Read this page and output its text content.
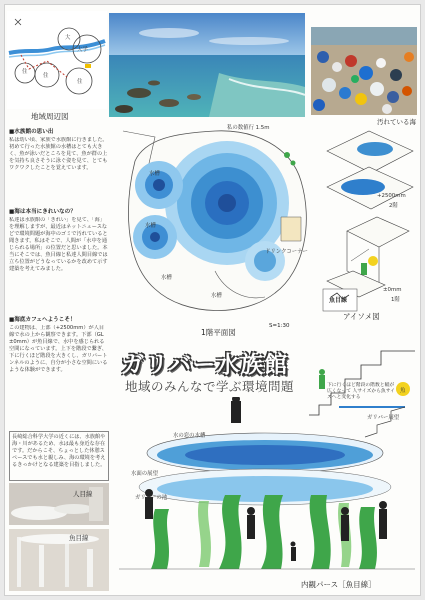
大学
住
住
大
住
地域周辺図
汚れている海
■水族館の思い出
私は幼い頃、家族で水族館に行きました。初めて行った水族館の水槽はとても大きく、魚が泳いだところを見て、魚が群の上を気持ち良さそうに泳ぐ姿を見て、とてもワクワクしたことを覚えています。
■海は本当にきれいなの？
私達は水族館の「きれい」を見て、「海」を理解しますが、最近はネットニュースなどで環境問題が海中のゴミで汚れていると聞きます。私はそこで、人間が「水中を通じられる場所」の位置だと思いました。本当にそこでは、魚目線と私達人間目線では立ち位置がどうなっているかを改めて示す建築を考えてみました。
■海底カフェへようこそ！
この建物は、上部（+2500mm）が人目線で水の上から観察できます。下部（GL ±0mm）が魚目線で、水中を感じられる空間になっています。上下を階段で繋ぎ、下に行くほど階段を大きくし、ガリバートンネルのように、自分が小さな空間にいるような体験ができます。
長崎総合科学大学の近くには、水族館や海・川があるため、水は最も身近な存在です。だからこそ、ちょっとした休憩スペースでも水と親しみ、海の環境を考えるきっかけとなる建築を目指しました。
人目線
魚目線
私の数値行 1.5m
ドリンクコーナー
水槽
水槽
水槽
水槽
1階平面図
S=1:30
+2500mm
2階
±0mm
1階
魚目線
アイソメ図
ガリバー水族館
地域のみんなで学ぶ環境問題	下に行くほど階段の階数と幅が広くなって 人サイズから魚サイズへと変化する
魚
ガリバー展望
水の窓の水槽
水面の展望
ガリバーの池
内観パース［魚目線］
